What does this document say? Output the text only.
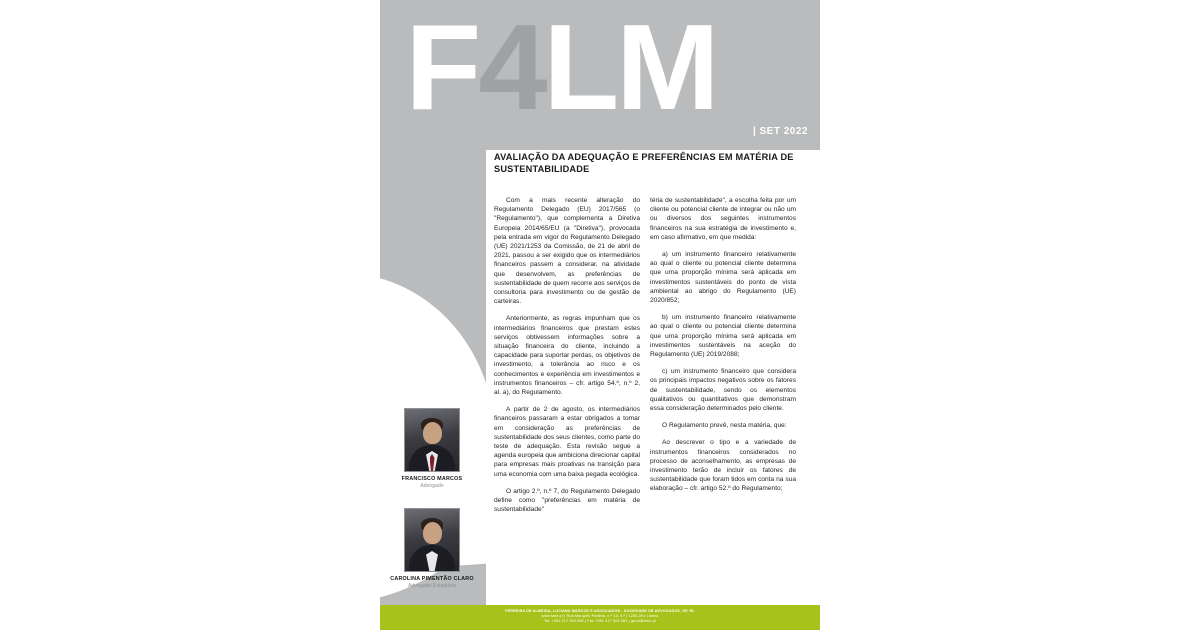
F4LM	| SET 2022
AVALIAÇÃO DA ADEQUAÇÃO E PREFERÊNCIAS EM MATÉRIA DE SUSTENTABILIDADE

Com a mais recente alteração do Regulamento Delegado (EU) 2017/565 (o "Regulamento"), que complementa a Diretiva Europeia 2014/65/EU (a "Diretiva"), provocada pela entrada em vigor do Regulamento Delegado (UE) 2021/1253 da Comissão, de 21 de abril de 2021, passou a ser exigido que os intermediários financeiros passem a considerar, na atividade que desenvolvem, as preferências de sustentabilidade de quem recorre aos serviços de consultoria para investimento ou de gestão de carteiras.

Anteriormente, as regras impunham que os intermediários financeiros que prestam estes serviços obtivessem informações sobre a situação financeira do cliente, incluindo a capacidade para suportar perdas, os objetivos de investimento, a tolerância ao risco e os conhecimentos e experiência em investimentos e instrumentos financeiros – cfr. artigo 54.º, n.º 2, al. a), do Regulamento.

A partir de 2 de agosto, os intermediários financeiros passaram a estar obrigados a tomar em consideração as preferências de sustentabilidade dos seus clientes, como parte do teste de adequação. Esta revisão segue a agenda europeia que ambiciona direcionar capital para empresas mais proativas na transição para uma economia com uma baixa pegada ecológica.

O artigo 2.º, n.º 7, do Regulamento Delegado define como "preferências em matéria de sustentabilidade"

téria de sustentabilidade", a escolha feita por um cliente ou potencial cliente de integrar ou não um ou diversos dos seguintes instrumentos financeiros na sua estratégia de investimento e, em caso afirmativo, em que medida:

a) um instrumento financeiro relativamente ao qual o cliente ou potencial cliente determina que uma proporção mínima será aplicada em investimentos sustentáveis do ponto de vista ambiental ao abrigo do Regulamento (UE) 2020/852;

b) um instrumento financeiro relativamente ao qual o cliente ou potencial cliente determina que uma proporção mínima será aplicada em investimentos sustentáveis na aceção do Regulamento (UE) 2019/2088;

c) um instrumento financeiro que considera os principais impactos negativos sobre os fatores de sustentabilidade, sendo os elementos qualitativos ou quantitativos que demonstram essa consideração determinados pelo cliente.

O Regulamento prevê, nesta matéria, que:

Ao descrever o tipo e a variedade de instrumentos financeiros considerados no processo de aconselhamento, as empresas de investimento terão de incluir os fatores de sustentabilidade que foram tidos em conta na sua elaboração – cfr. artigo 52.º do Regulamento;

FRANCISCO MARCOS
Advogado
CAROLINA PIMENTÃO CLARO
Advogada Estagiária
FERREIRA DE ALMEIDA, LUCIANO MARCOS E ASSOCIADOS - SOCIEDADE DE ADVOGADOS, SP, RL
www.falm.pt | Rua Marquês Pombal, n.º 15, 5.º | 1250-091 Lisboa
Tel. +351 217 924 080 | Fax +351 217 924 081 | geral@falm.pt
